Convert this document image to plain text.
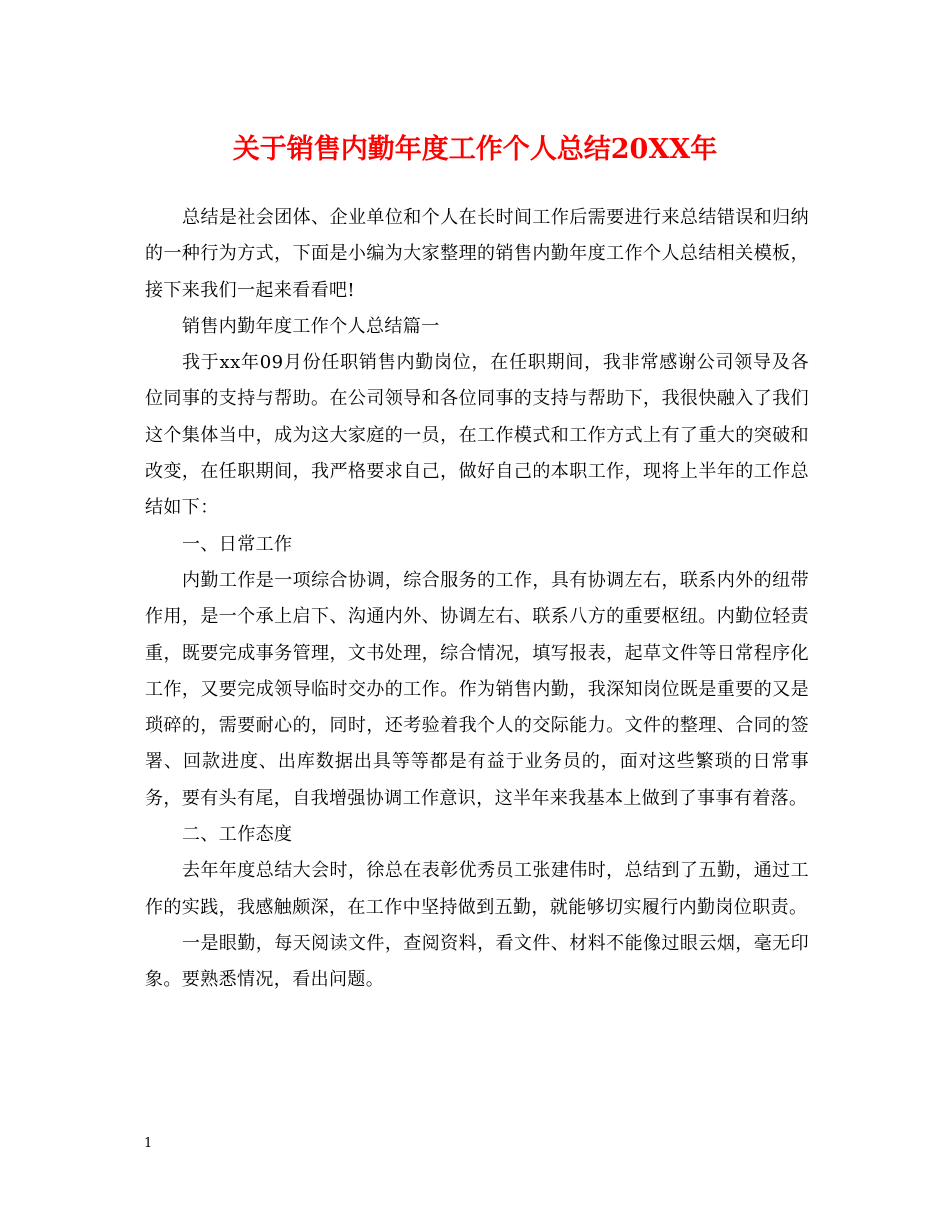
关于销售内勤年度工作个人总结20XX年

总结是社会团体、企业单位和个人在长时间工作后需要进行来总结错误和归纳的一种行为方式，下面是小编为大家整理的销售内勤年度工作个人总结相关模板，接下来我们一起来看看吧!

销售内勤年度工作个人总结篇一

我于xx年09月份任职销售内勤岗位，在任职期间，我非常感谢公司领导及各位同事的支持与帮助。在公司领导和各位同事的支持与帮助下，我很快融入了我们这个集体当中，成为这大家庭的一员，在工作模式和工作方式上有了重大的突破和改变，在任职期间，我严格要求自己，做好自己的本职工作，现将上半年的工作总结如下：

一、日常工作

内勤工作是一项综合协调，综合服务的工作，具有协调左右，联系内外的纽带作用，是一个承上启下、沟通内外、协调左右、联系八方的重要枢纽。内勤位轻责重，既要完成事务管理，文书处理，综合情况，填写报表，起草文件等日常程序化工作，又要完成领导临时交办的工作。作为销售内勤，我深知岗位既是重要的又是琐碎的，需要耐心的，同时，还考验着我个人的交际能力。文件的整理、合同的签署、回款进度、出库数据出具等等都是有益于业务员的，面对这些繁琐的日常事务，要有头有尾，自我增强协调工作意识，这半年来我基本上做到了事事有着落。

二、工作态度

去年年度总结大会时，徐总在表彰优秀员工张建伟时，总结到了五勤，通过工作的实践，我感触颇深，在工作中坚持做到五勤，就能够切实履行内勤岗位职责。

一是眼勤，每天阅读文件，查阅资料，看文件、材料不能像过眼云烟，毫无印象。要熟悉情况，看出问题。

1
